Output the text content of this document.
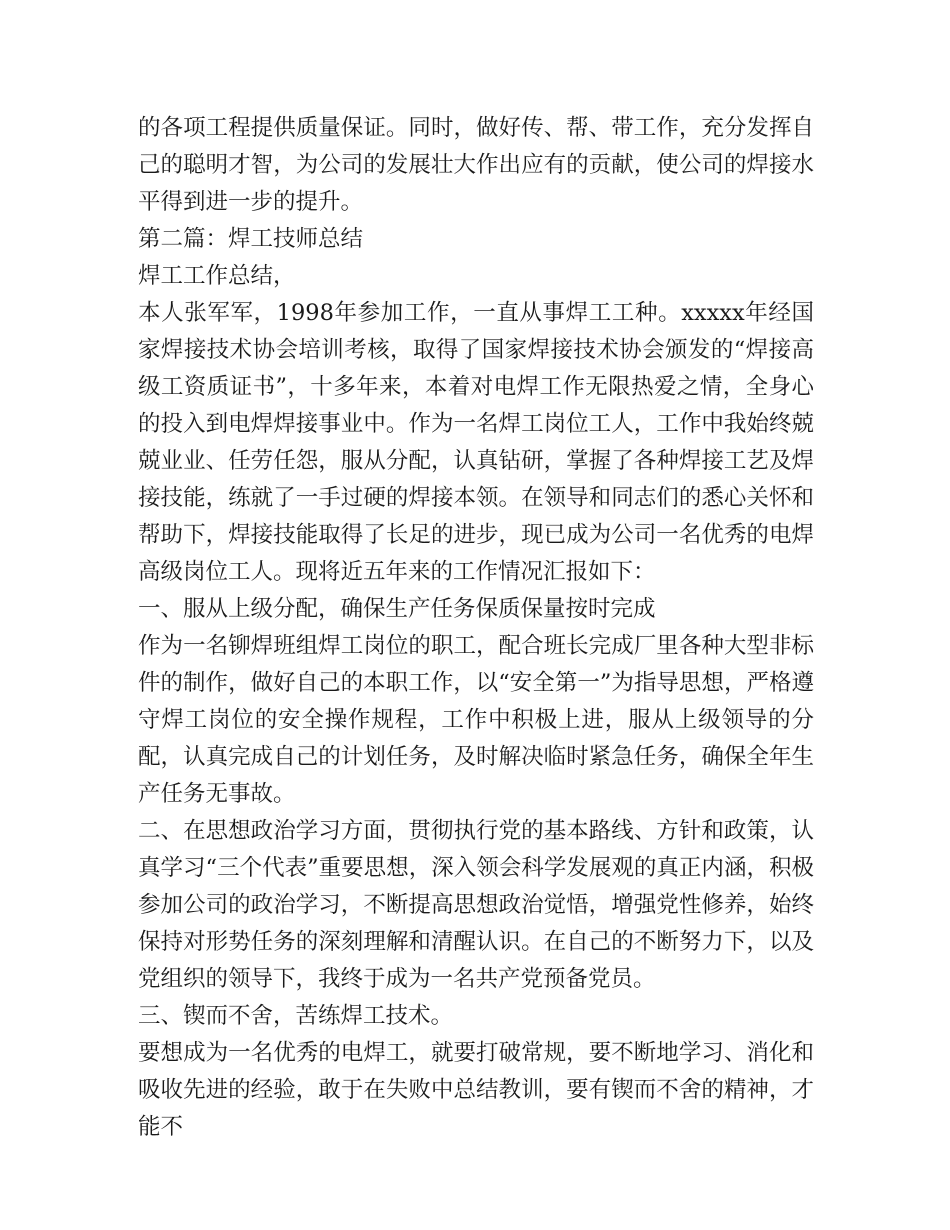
的各项工程提供质量保证。同时，做好传、帮、带工作，充分发挥自己的聪明才智，为公司的发展壮大作出应有的贡献，使公司的焊接水平得到进一步的提升。

第二篇：焊工技师总结

焊工工作总结，

本人张军军，1998年参加工作，一直从事焊工工种。xxxxx年经国家焊接技术协会培训考核，取得了国家焊接技术协会颁发的“焊接高级工资质证书”，十多年来，本着对电焊工作无限热爱之情，全身心的投入到电焊焊接事业中。作为一名焊工岗位工人，工作中我始终兢兢业业、任劳任怨，服从分配，认真钻研，掌握了各种焊接工艺及焊接技能，练就了一手过硬的焊接本领。在领导和同志们的悉心关怀和帮助下，焊接技能取得了长足的进步，现已成为公司一名优秀的电焊高级岗位工人。现将近五年来的工作情况汇报如下：

一、服从上级分配，确保生产任务保质保量按时完成

作为一名铆焊班组焊工岗位的职工，配合班长完成厂里各种大型非标件的制作，做好自己的本职工作，以“安全第一”为指导思想，严格遵守焊工岗位的安全操作规程，工作中积极上进，服从上级领导的分配，认真完成自己的计划任务，及时解决临时紧急任务，确保全年生产任务无事故。

二、在思想政治学习方面，贯彻执行党的基本路线、方针和政策，认真学习“三个代表”重要思想，深入领会科学发展观的真正内涵，积极参加公司的政治学习，不断提高思想政治觉悟，增强党性修养，始终保持对形势任务的深刻理解和清醒认识。在自己的不断努力下，以及党组织的领导下，我终于成为一名共产党预备党员。

三、锲而不舍，苦练焊工技术。

要想成为一名优秀的电焊工，就要打破常规，要不断地学习、消化和吸收先进的经验，敢于在失败中总结教训，要有锲而不舍的精神，才能不
